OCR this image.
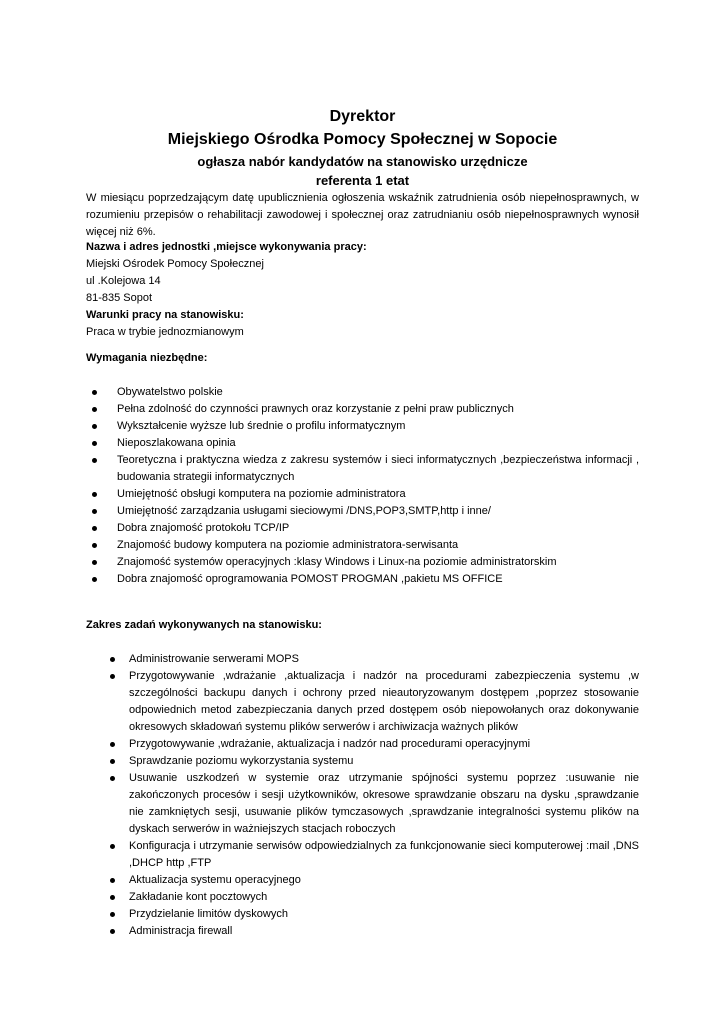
Dyrektor
Miejskiego Ośrodka Pomocy Społecznej w Sopocie
ogłasza nabór kandydatów na stanowisko urzędnicze
referenta 1 etat
W miesiącu poprzedzającym datę upublicznienia ogłoszenia wskaźnik zatrudnienia osób niepełnosprawnych, w rozumieniu przepisów o rehabilitacji zawodowej i społecznej oraz zatrudnianiu osób niepełnosprawnych wynosił więcej niż 6%.
Nazwa i adres jednostki ,miejsce wykonywania pracy:
Miejski Ośrodek Pomocy Społecznej
ul .Kolejowa 14
81-835 Sopot
Warunki pracy na stanowisku:
Praca w trybie jednozmianowym
Wymagania niezbędne:
Obywatelstwo polskie
Pełna zdolność do czynności prawnych oraz korzystanie z pełni praw publicznych
Wykształcenie wyższe lub średnie o profilu informatycznym
Nieposzlakowana opinia
Teoretyczna i praktyczna wiedza z zakresu systemów i sieci informatycznych ,bezpieczeństwa informacji , budowania strategii informatycznych
Umiejętność obsługi komputera na poziomie administratora
Umiejętność zarządzania usługami sieciowymi /DNS,POP3,SMTP,http i inne/
Dobra znajomość protokołu TCP/IP
Znajomość budowy komputera na poziomie administratora-serwisanta
Znajomość systemów operacyjnych :klasy Windows i Linux-na poziomie administratorskim
Dobra znajomość oprogramowania POMOST PROGMAN ,pakietu MS OFFICE
Zakres zadań wykonywanych na stanowisku:
Administrowanie serwerami MOPS
Przygotowywanie ,wdrażanie ,aktualizacja i nadzór na procedurami zabezpieczenia systemu ,w szczególności backupu danych i ochrony przed nieautoryzowanym dostępem ,poprzez stosowanie odpowiednich metod zabezpieczania danych przed dostępem osób niepowołanych oraz dokonywanie okresowych składowań systemu plików serwerów i archiwizacja ważnych plików
Przygotowywanie ,wdrażanie, aktualizacja i nadzór nad procedurami operacyjnymi
Sprawdzanie poziomu wykorzystania systemu
Usuwanie uszkodzeń w systemie oraz utrzymanie spójności systemu poprzez :usuwanie nie zakończonych procesów i sesji użytkowników, okresowe sprawdzanie obszaru na dysku ,sprawdzanie nie zamkniętych sesji, usuwanie plików tymczasowych ,sprawdzanie integralności systemu plików na dyskach serwerów in ważniejszych stacjach roboczych
Konfiguracja i utrzymanie serwisów odpowiedzialnych za funkcjonowanie sieci komputerowej :mail ,DNS ,DHCP http ,FTP
Aktualizacja systemu operacyjnego
Zakładanie kont pocztowych
Przydzielanie limitów dyskowych
Administracja firewall
